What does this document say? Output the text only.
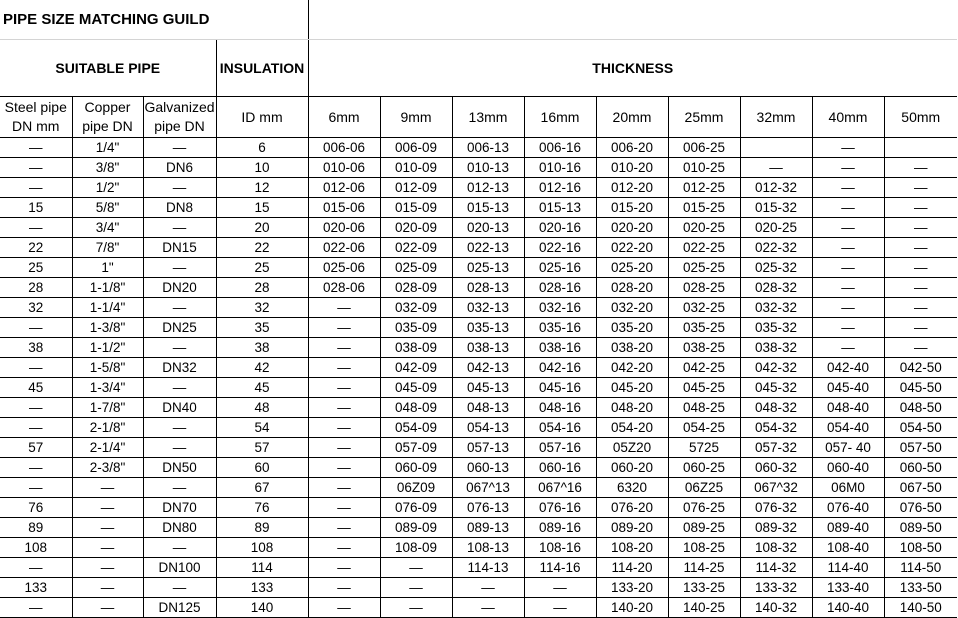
PIPE SIZE MATCHING GUILD												
SUITABLE PIPE			INSULATION	THICKNESS								
Steel pipe DN mm	Copper pipe DN	Galvanized pipe DN	ID mm	6mm	9mm	13mm	16mm	20mm	25mm	32mm	40mm	50mm
—	1/4"	—	6	006-06	006-09	006-13	006-16	006-20	006-25		—	
—	3/8"	DN6	10	010-06	010-09	010-13	010-16	010-20	010-25	—	—	—
—	1/2"	—	12	012-06	012-09	012-13	012-16	012-20	012-25	012-32	—	—
15	5/8"	DN8	15	015-06	015-09	015-13	015-13	015-20	015-25	015-32	—	—
—	3/4"	—	20	020-06	020-09	020-13	020-16	020-20	020-25	020-25	—	—
22	7/8"	DN15	22	022-06	022-09	022-13	022-16	022-20	022-25	022-32	—	—
25	1"	—	25	025-06	025-09	025-13	025-16	025-20	025-25	025-32	—	—
28	1-1/8"	DN20	28	028-06	028-09	028-13	028-16	028-20	028-25	028-32	—	—
32	1-1/4"	—	32	—	032-09	032-13	032-16	032-20	032-25	032-32	—	—
—	1-3/8"	DN25	35	—	035-09	035-13	035-16	035-20	035-25	035-32	—	—
38	1-1/2"	—	38	—	038-09	038-13	038-16	038-20	038-25	038-32	—	—
—	1-5/8"	DN32	42	—	042-09	042-13	042-16	042-20	042-25	042-32	042-40	042-50
45	1-3/4"	—	45	—	045-09	045-13	045-16	045-20	045-25	045-32	045-40	045-50
—	1-7/8"	DN40	48	—	048-09	048-13	048-16	048-20	048-25	048-32	048-40	048-50
—	2-1/8"	—	54	—	054-09	054-13	054-16	054-20	054-25	054-32	054-40	054-50
57	2-1/4"	—	57	—	057-09	057-13	057-16	05Z20	5725	057-32	057- 40	057-50
—	2-3/8"	DN50	60	—	060-09	060-13	060-16	060-20	060-25	060-32	060-40	060-50
—	—	—	67	—	06Z09	067^13	067^16	6320	06Z25	067^32	06M0	067-50
76	—	DN70	76	—	076-09	076-13	076-16	076-20	076-25	076-32	076-40	076-50
89	—	DN80	89	—	089-09	089-13	089-16	089-20	089-25	089-32	089-40	089-50
108	—	—	108	—	108-09	108-13	108-16	108-20	108-25	108-32	108-40	108-50
—	—	DN100	114	—	—	114-13	114-16	114-20	114-25	114-32	114-40	114-50
133	—	—	133	—	—	—	—	133-20	133-25	133-32	133-40	133-50
—	—	DN125	140	—	—	—	—	140-20	140-25	140-32	140-40	140-50
